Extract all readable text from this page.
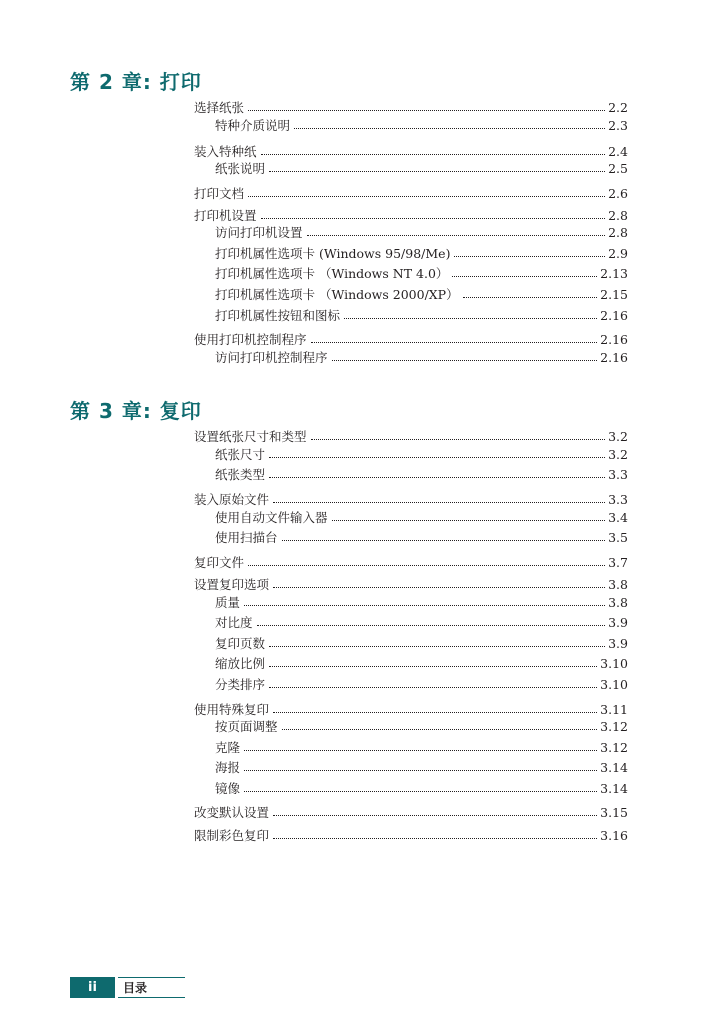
第 2 章: 打印
选择纸张	2.2
特种介质说明	2.3
装入特种纸	2.4
纸张说明	2.5
打印文档	2.6
打印机设置	2.8
访问打印机设置	2.8
打印机属性选项卡 (Windows 95/98/Me)	2.9
打印机属性选项卡 （Windows NT 4.0）	2.13
打印机属性选项卡 （Windows 2000/XP）	2.15
打印机属性按钮和图标	2.16
使用打印机控制程序	2.16
访问打印机控制程序	2.16
第 3 章: 复印
设置纸张尺寸和类型	3.2
纸张尺寸	3.2
纸张类型	3.3
装入原始文件	3.3
使用自动文件输入器	3.4
使用扫描台	3.5
复印文件	3.7
设置复印选项	3.8
质量	3.8
对比度	3.9
复印页数	3.9
缩放比例	3.10
分类排序	3.10
使用特殊复印	3.11
按页面调整	3.12
克隆	3.12
海报	3.14
镜像	3.14
改变默认设置	3.15
限制彩色复印	3.16
ii	目录
